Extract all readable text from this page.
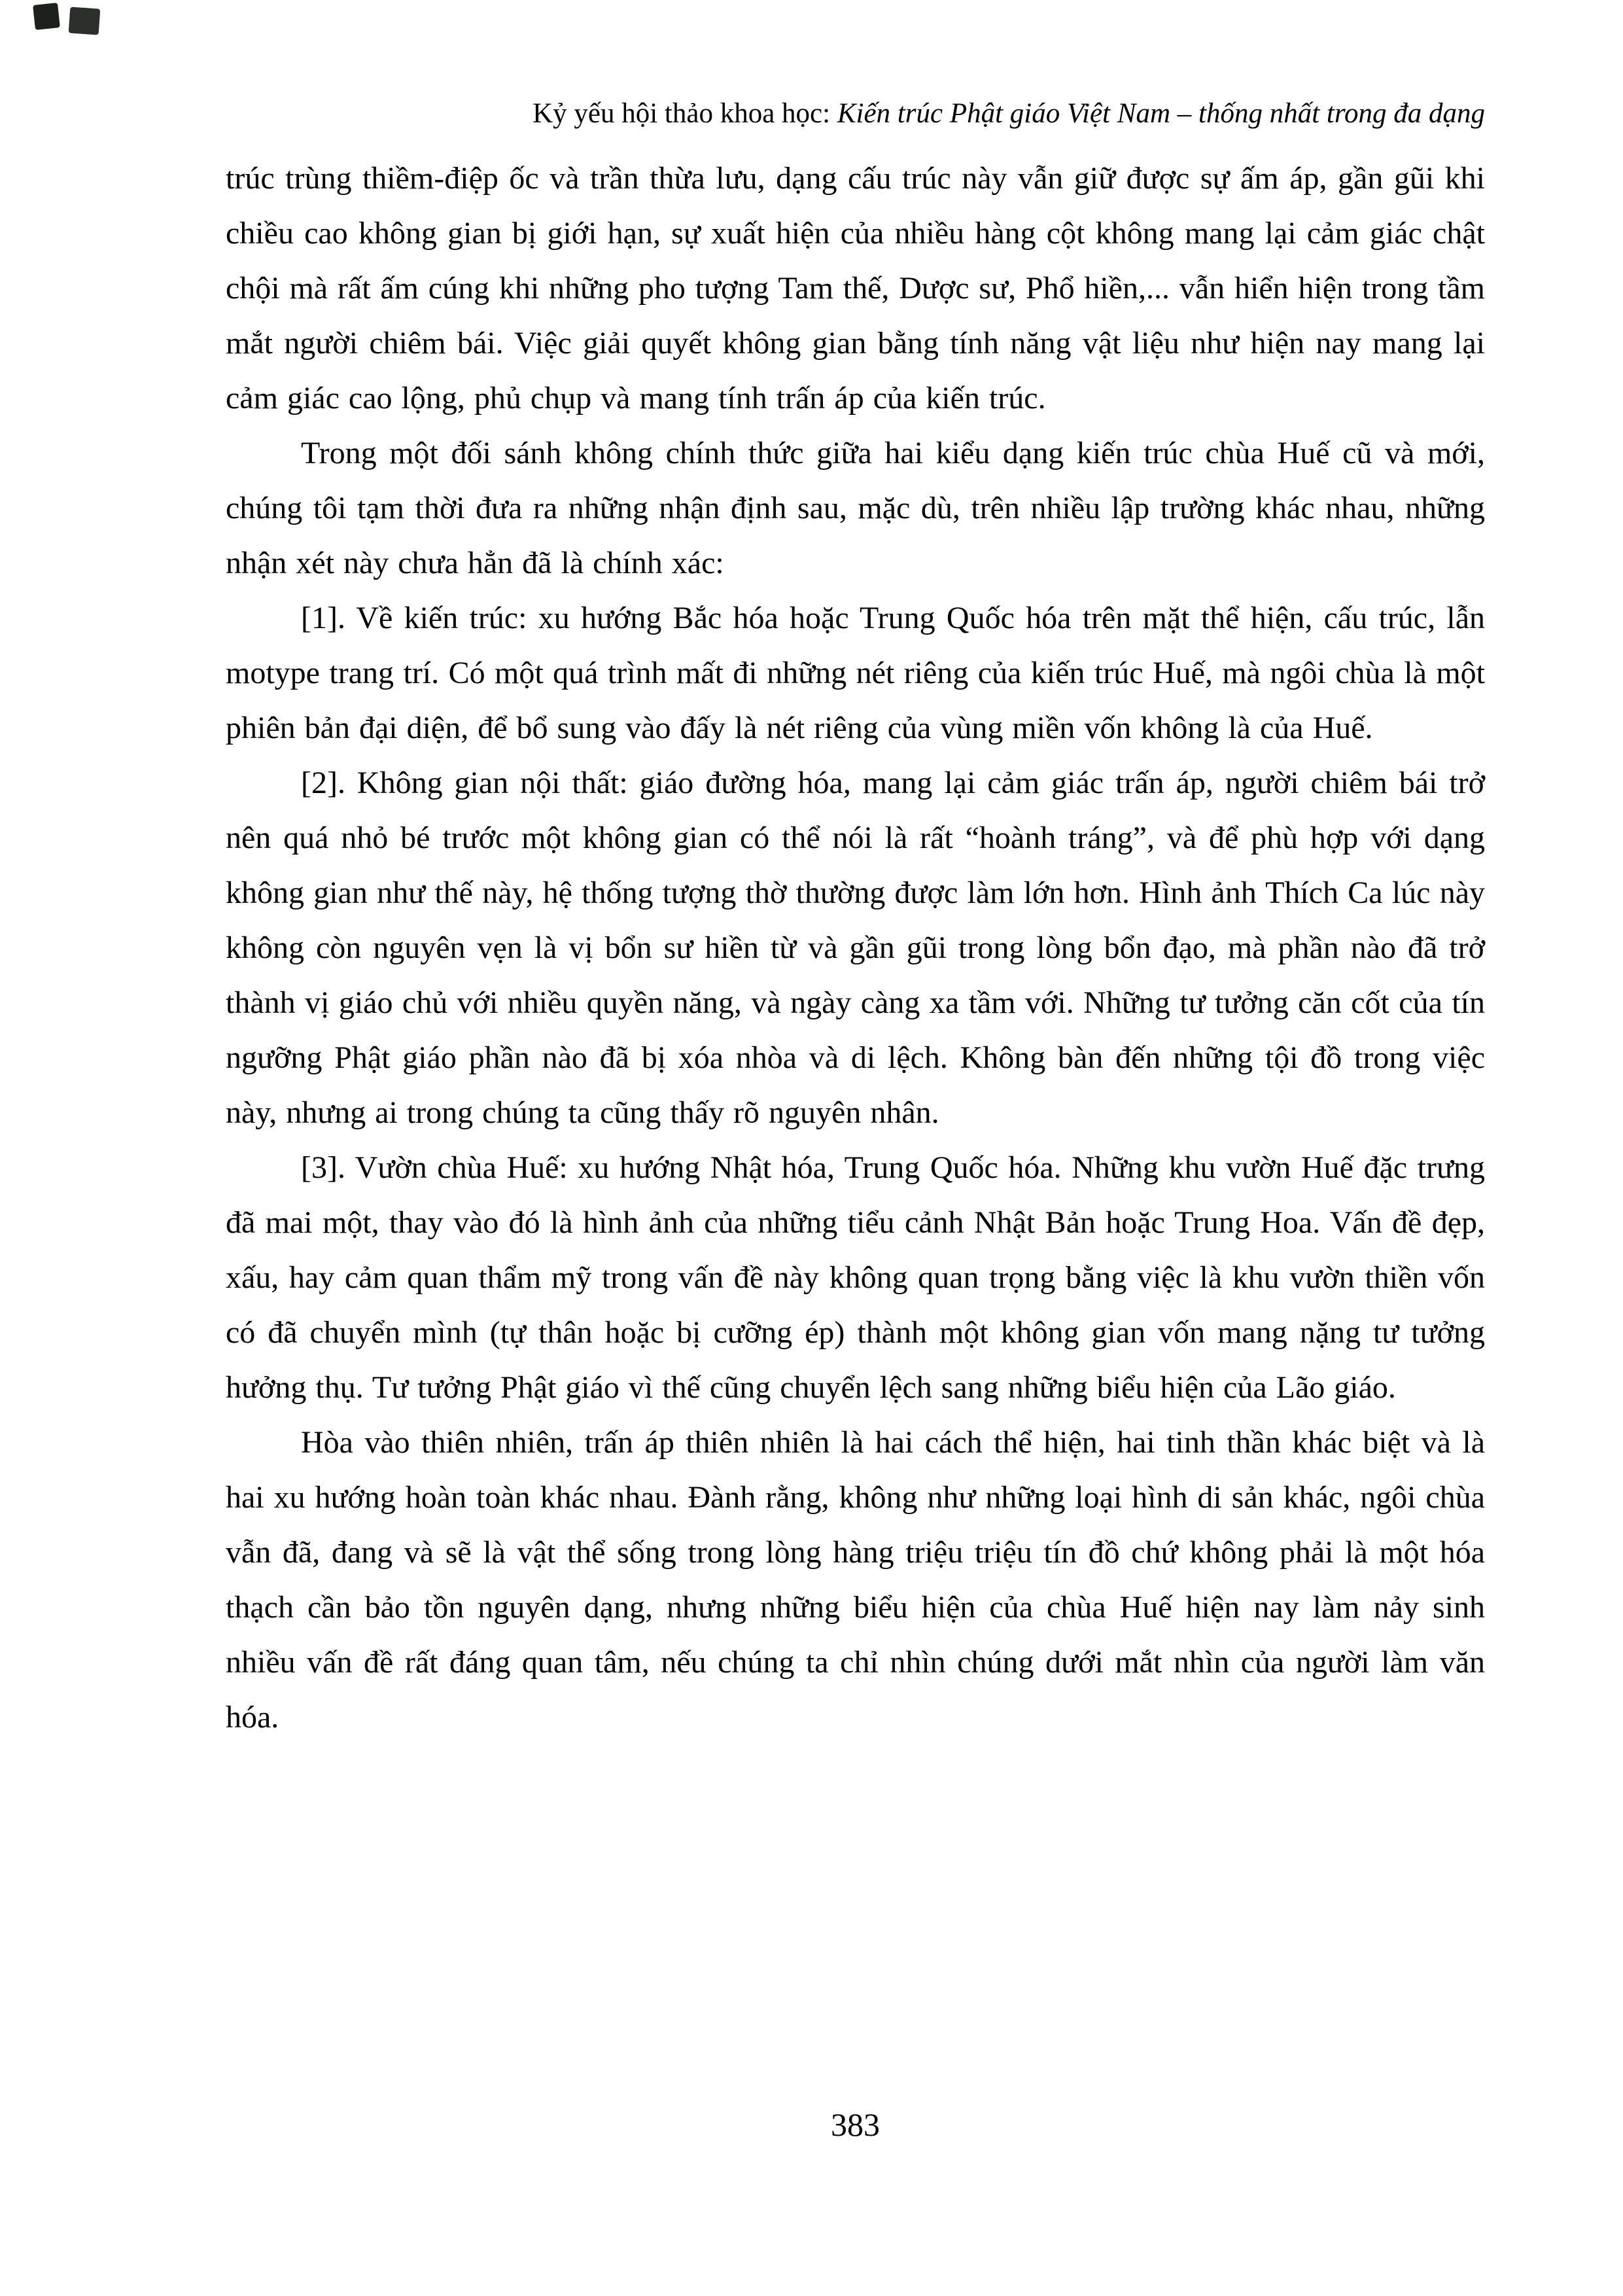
Kỷ yếu hội thảo khoa học: Kiến trúc Phật giáo Việt Nam – thống nhất trong đa dạng

trúc trùng thiềm-điệp ốc và trần thừa lưu, dạng cấu trúc này vẫn giữ được sự ấm áp, gần gũi khi chiều cao không gian bị giới hạn, sự xuất hiện của nhiều hàng cột không mang lại cảm giác chật chội mà rất ấm cúng khi những pho tượng Tam thế, Dược sư, Phổ hiền,... vẫn hiển hiện trong tầm mắt người chiêm bái. Việc giải quyết không gian bằng tính năng vật liệu như hiện nay mang lại cảm giác cao lộng, phủ chụp và mang tính trấn áp của kiến trúc.

Trong một đối sánh không chính thức giữa hai kiểu dạng kiến trúc chùa Huế cũ và mới, chúng tôi tạm thời đưa ra những nhận định sau, mặc dù, trên nhiều lập trường khác nhau, những nhận xét này chưa hẳn đã là chính xác:

[1]. Về kiến trúc: xu hướng Bắc hóa hoặc Trung Quốc hóa trên mặt thể hiện, cấu trúc, lẫn motype trang trí. Có một quá trình mất đi những nét riêng của kiến trúc Huế, mà ngôi chùa là một phiên bản đại diện, để bổ sung vào đấy là nét riêng của vùng miền vốn không là của Huế.

[2]. Không gian nội thất: giáo đường hóa, mang lại cảm giác trấn áp, người chiêm bái trở nên quá nhỏ bé trước một không gian có thể nói là rất “hoành tráng”, và để phù hợp với dạng không gian như thế này, hệ thống tượng thờ thường được làm lớn hơn. Hình ảnh Thích Ca lúc này không còn nguyên vẹn là vị bổn sư hiền từ và gần gũi trong lòng bổn đạo, mà phần nào đã trở thành vị giáo chủ với nhiều quyền năng, và ngày càng xa tầm với. Những tư tưởng căn cốt của tín ngưỡng Phật giáo phần nào đã bị xóa nhòa và di lệch. Không bàn đến những tội đồ trong việc này, nhưng ai trong chúng ta cũng thấy rõ nguyên nhân.

[3]. Vườn chùa Huế: xu hướng Nhật hóa, Trung Quốc hóa. Những khu vườn Huế đặc trưng đã mai một, thay vào đó là hình ảnh của những tiểu cảnh Nhật Bản hoặc Trung Hoa. Vấn đề đẹp, xấu, hay cảm quan thẩm mỹ trong vấn đề này không quan trọng bằng việc là khu vườn thiền vốn có đã chuyển mình (tự thân hoặc bị cưỡng ép) thành một không gian vốn mang nặng tư tưởng hưởng thụ. Tư tưởng Phật giáo vì thế cũng chuyển lệch sang những biểu hiện của Lão giáo.

Hòa vào thiên nhiên, trấn áp thiên nhiên là hai cách thể hiện, hai tinh thần khác biệt và là hai xu hướng hoàn toàn khác nhau. Đành rằng, không như những loại hình di sản khác, ngôi chùa vẫn đã, đang và sẽ là vật thể sống trong lòng hàng triệu triệu tín đồ chứ không phải là một hóa thạch cần bảo tồn nguyên dạng, nhưng những biểu hiện của chùa Huế hiện nay làm nảy sinh nhiều vấn đề rất đáng quan tâm, nếu chúng ta chỉ nhìn chúng dưới mắt nhìn của người làm văn hóa.

383
